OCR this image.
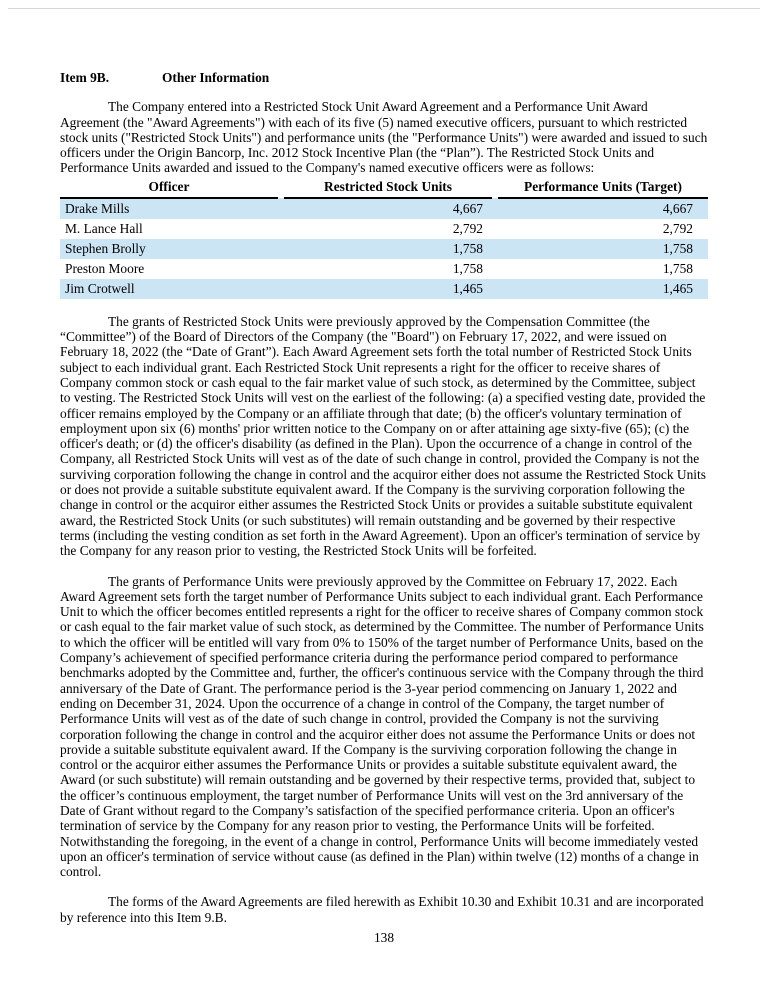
Item 9B.	Other Information

The Company entered into a Restricted Stock Unit Award Agreement and a Performance Unit Award Agreement (the "Award Agreements") with each of its five (5) named executive officers, pursuant to which restricted stock units ("Restricted Stock Units") and performance units (the "Performance Units") were awarded and issued to such officers under the Origin Bancorp, Inc. 2012 Stock Incentive Plan (the “Plan”). The Restricted Stock Units and Performance Units awarded and issued to the Company's named executive officers were as follows:

Officer		Restricted Stock Units		Performance Units (Target)
Drake Mills		4,667		4,667
M. Lance Hall		2,792		2,792
Stephen Brolly		1,758		1,758
Preston Moore		1,758		1,758
Jim Crotwell		1,465		1,465

The grants of Restricted Stock Units were previously approved by the Compensation Committee (the “Committee”) of the Board of Directors of the Company (the "Board") on February 17, 2022, and were issued on February 18, 2022 (the “Date of Grant”). Each Award Agreement sets forth the total number of Restricted Stock Units subject to each individual grant. Each Restricted Stock Unit represents a right for the officer to receive shares of Company common stock or cash equal to the fair market value of such stock, as determined by the Committee, subject to vesting. The Restricted Stock Units will vest on the earliest of the following: (a) a specified vesting date, provided the officer remains employed by the Company or an affiliate through that date; (b) the officer's voluntary termination of employment upon six (6) months' prior written notice to the Company on or after attaining age sixty-five (65); (c) the officer's death; or (d) the officer's disability (as defined in the Plan). Upon the occurrence of a change in control of the Company, all Restricted Stock Units will vest as of the date of such change in control, provided the Company is not the surviving corporation following the change in control and the acquiror either does not assume the Restricted Stock Units or does not provide a suitable substitute equivalent award. If the Company is the surviving corporation following the change in control or the acquiror either assumes the Restricted Stock Units or provides a suitable substitute equivalent award, the Restricted Stock Units (or such substitutes) will remain outstanding and be governed by their respective terms (including the vesting condition as set forth in the Award Agreement). Upon an officer's termination of service by the Company for any reason prior to vesting, the Restricted Stock Units will be forfeited.

The grants of Performance Units were previously approved by the Committee on February 17, 2022. Each Award Agreement sets forth the target number of Performance Units subject to each individual grant. Each Performance Unit to which the officer becomes entitled represents a right for the officer to receive shares of Company common stock or cash equal to the fair market value of such stock, as determined by the Committee. The number of Performance Units to which the officer will be entitled will vary from 0% to 150% of the target number of Performance Units, based on the Company’s achievement of specified performance criteria during the performance period compared to performance benchmarks adopted by the Committee and, further, the officer's continuous service with the Company through the third anniversary of the Date of Grant. The performance period is the 3-year period commencing on January 1, 2022 and ending on December 31, 2024. Upon the occurrence of a change in control of the Company, the target number of Performance Units will vest as of the date of such change in control, provided the Company is not the surviving corporation following the change in control and the acquiror either does not assume the Performance Units or does not provide a suitable substitute equivalent award. If the Company is the surviving corporation following the change in control or the acquiror either assumes the Performance Units or provides a suitable substitute equivalent award, the Award (or such substitute) will remain outstanding and be governed by their respective terms, provided that, subject to the officer’s continuous employment, the target number of Performance Units will vest on the 3rd anniversary of the Date of Grant without regard to the Company’s satisfaction of the specified performance criteria. Upon an officer's termination of service by the Company for any reason prior to vesting, the Performance Units will be forfeited. Notwithstanding the foregoing, in the event of a change in control, Performance Units will become immediately vested upon an officer's termination of service without cause (as defined in the Plan) within twelve (12) months of a change in control.

The forms of the Award Agreements are filed herewith as Exhibit 10.30 and Exhibit 10.31 and are incorporated by reference into this Item 9.B.

138
